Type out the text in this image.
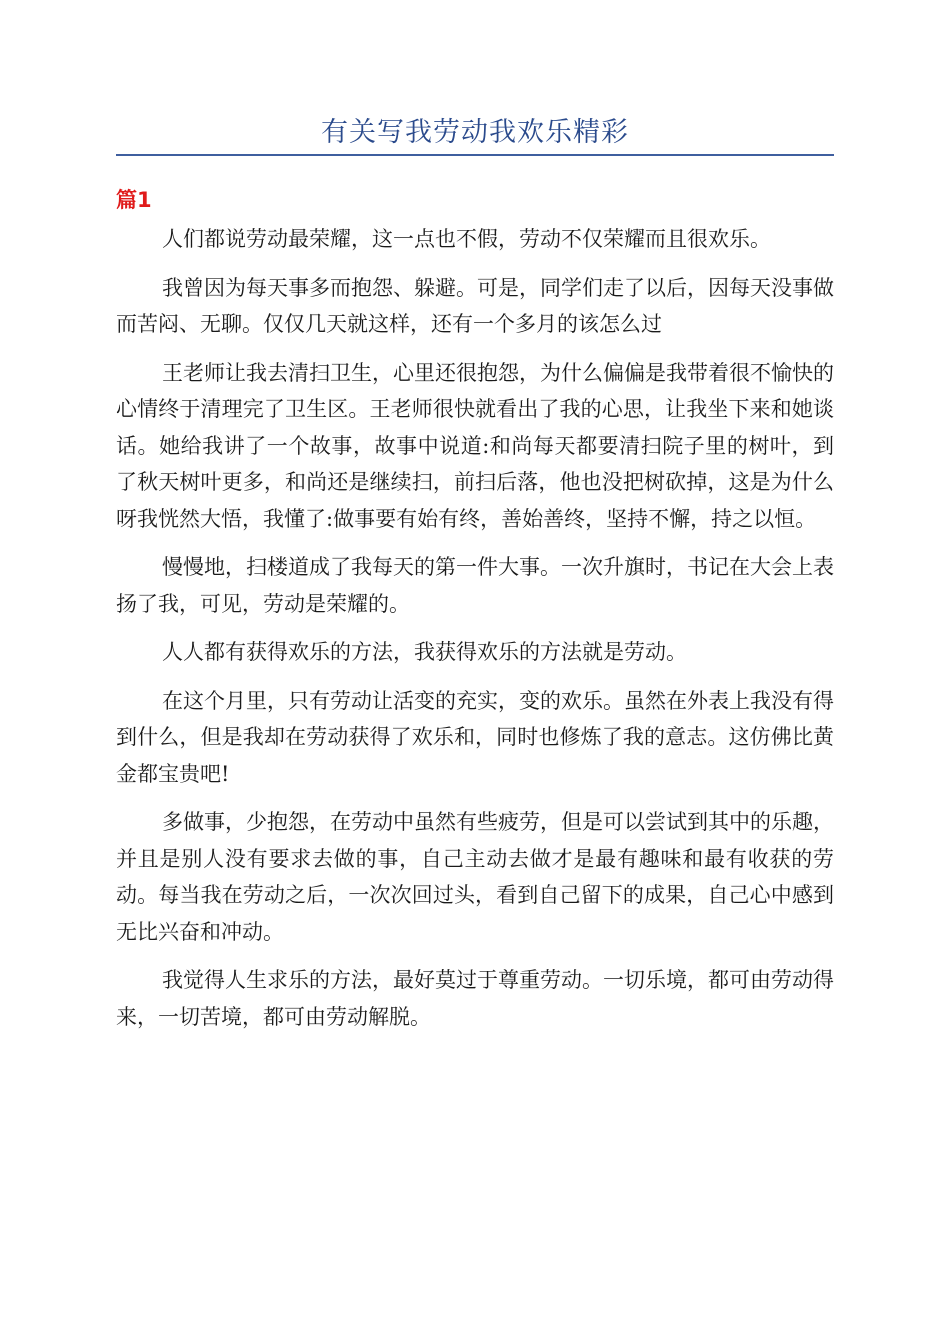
有关写我劳动我欢乐精彩
篇1

人们都说劳动最荣耀，这一点也不假，劳动不仅荣耀而且很欢乐。

我曾因为每天事多而抱怨、躲避。可是，同学们走了以后，因每天没事做而苦闷、无聊。仅仅几天就这样，还有一个多月的该怎么过

王老师让我去清扫卫生，心里还很抱怨，为什么偏偏是我带着很不愉快的心情终于清理完了卫生区。王老师很快就看出了我的心思，让我坐下来和她谈话。她给我讲了一个故事，故事中说道:和尚每天都要清扫院子里的树叶，到了秋天树叶更多，和尚还是继续扫，前扫后落，他也没把树砍掉，这是为什么呀我恍然大悟，我懂了:做事要有始有终，善始善终，坚持不懈，持之以恒。

慢慢地，扫楼道成了我每天的第一件大事。一次升旗时，书记在大会上表扬了我，可见，劳动是荣耀的。

人人都有获得欢乐的方法，我获得欢乐的方法就是劳动。

在这个月里，只有劳动让活变的充实，变的欢乐。虽然在外表上我没有得到什么，但是我却在劳动获得了欢乐和，同时也修炼了我的意志。这仿佛比黄金都宝贵吧!

多做事，少抱怨，在劳动中虽然有些疲劳，但是可以尝试到其中的乐趣，并且是别人没有要求去做的事，自己主动去做才是最有趣味和最有收获的劳动。每当我在劳动之后，一次次回过头，看到自己留下的成果，自己心中感到无比兴奋和冲动。

我觉得人生求乐的方法，最好莫过于尊重劳动。一切乐境，都可由劳动得来，一切苦境，都可由劳动解脱。
